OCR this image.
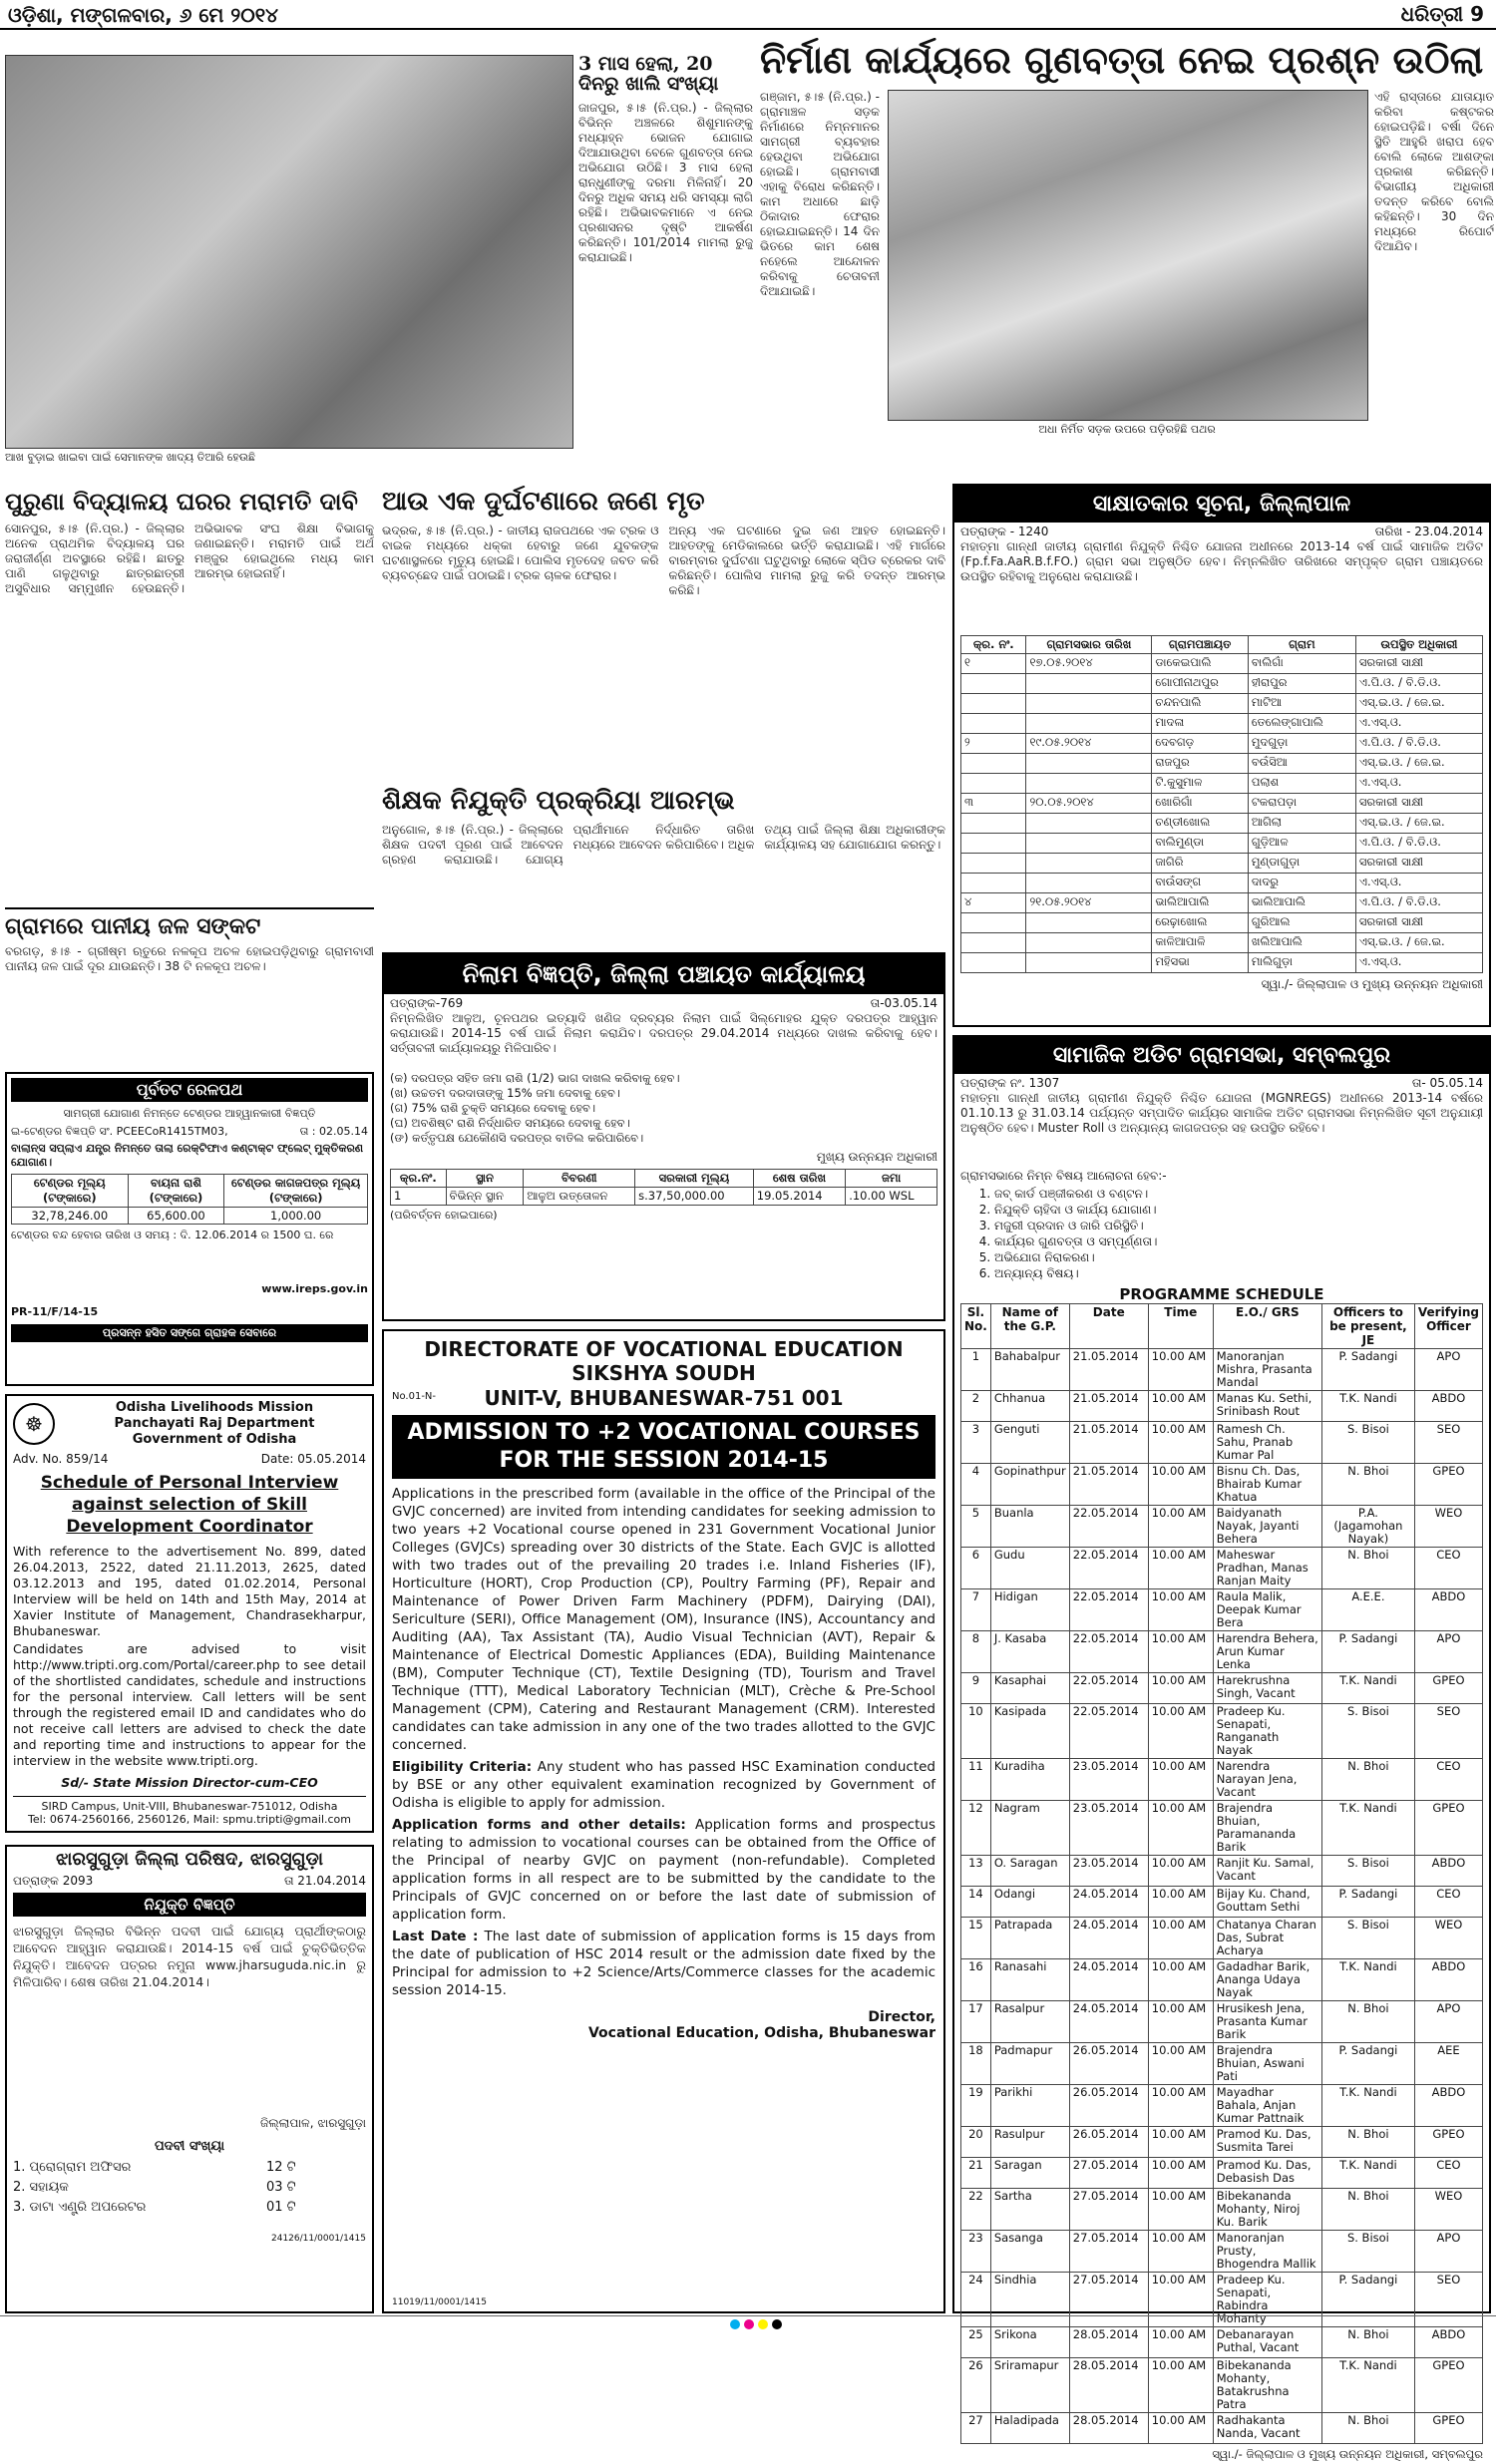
ଓଡ଼ିଶା, ମଙ୍ଗଳବାର, ୬ ମେ ୨୦୧୪	ଧରିତ୍ରୀ 9
ଆଖ ବୁଡ଼ାଇ ଖାଇବା ପାଇଁ ସେମାନଙ୍କ ଖାଦ୍ୟ ତିଆରି ହେଉଛି
3 ମାସ ହେଲା, 20 ଦିନରୁ ଖାଲି ସଂଖ୍ୟା
ଜାଜପୁର, ୫।୫ (ନି.ପ୍ର.) - ଜିଲ୍ଲାର ବିଭିନ୍ନ ଅଞ୍ଚଳରେ ଶିଶୁମାନଙ୍କୁ ମଧ୍ୟାହ୍ନ ଭୋଜନ ଯୋଗାଇ ଦିଆଯାଉଥିବା ବେଳେ ଗୁଣବତ୍ତା ନେଇ ଅଭିଯୋଗ ଉଠିଛି। 3 ମାସ ହେଲା ରାନ୍ଧୁଣୀଙ୍କୁ ଦରମା ମିଳିନାହିଁ। 20 ଦିନରୁ ଅଧିକ ସମୟ ଧରି ସମସ୍ୟା ଲାଗି ରହିଛି। ଅଭିଭାବକମାନେ ଏ ନେଇ ପ୍ରଶାସନର ଦୃଷ୍ଟି ଆକର୍ଷଣ କରିଛନ୍ତି। 101/2014 ମାମଲା ରୁଜୁ କରାଯାଇଛି।
ନିର୍ମାଣ କାର୍ଯ୍ୟରେ ଗୁଣବତ୍ତା ନେଇ ପ୍ରଶ୍ନ ଉଠିଲା
ଗଞ୍ଜାମ, ୫।୫ (ନି.ପ୍ର.) - ଗ୍ରାମାଞ୍ଚଳ ସଡ଼କ ନିର୍ମାଣରେ ନିମ୍ନମାନର ସାମଗ୍ରୀ ବ୍ୟବହାର ହେଉଥିବା ଅଭିଯୋଗ ହୋଇଛି। ଗ୍ରାମବାସୀ ଏହାକୁ ବିରୋଧ କରିଛନ୍ତି। କାମ ଅଧାରେ ଛାଡ଼ି ଠିକାଦାର ଫେରାର ହୋଇଯାଇଛନ୍ତି। 14 ଦିନ ଭିତରେ କାମ ଶେଷ ନହେଲେ ଆନ୍ଦୋଳନ କରିବାକୁ ଚେତାବନୀ ଦିଆଯାଇଛି।
ଅଧା ନିର୍ମିତ ସଡ଼କ ଉପରେ ପଡ଼ିରହିଛି ପଥର
ଏହି ରାସ୍ତାରେ ଯାତାୟାତ କରିବା କଷ୍ଟକର ହୋଇପଡ଼ିଛି। ବର୍ଷା ଦିନେ ସ୍ଥିତି ଆହୁରି ଖରାପ ହେବ ବୋଲି ଲୋକେ ଆଶଙ୍କା ପ୍ରକାଶ କରିଛନ୍ତି। ବିଭାଗୀୟ ଅଧିକାରୀ ତଦନ୍ତ କରିବେ ବୋଲି କହିଛନ୍ତି। 30 ଦିନ ମଧ୍ୟରେ ରିପୋର୍ଟ ଦିଆଯିବ।
ପୁରୁଣା ବିଦ୍ୟାଳୟ ଘରର ମରାମତି ଦାବି
ସୋନପୁର, ୫।୫ (ନି.ପ୍ର.) - ଜିଲ୍ଲାର ଅନେକ ପ୍ରାଥମିକ ବିଦ୍ୟାଳୟ ଘର ଜରାଜୀର୍ଣ୍ଣ ଅବସ୍ଥାରେ ରହିଛି। ଛାତରୁ ପାଣି ଗଳୁଥିବାରୁ ଛାତ୍ରଛାତ୍ରୀ ଅସୁବିଧାର ସମ୍ମୁଖୀନ ହେଉଛନ୍ତି। ଅଭିଭାବକ ସଂଘ ଶିକ୍ଷା ବିଭାଗକୁ ଜଣାଇଛନ୍ତି। ମରାମତି ପାଇଁ ଅର୍ଥ ମଞ୍ଜୁର ହୋଇଥିଲେ ମଧ୍ୟ କାମ ଆରମ୍ଭ ହୋଇନାହିଁ।
ଗ୍ରାମରେ ପାନୀୟ ଜଳ ସଙ୍କଟ
ବରଗଡ଼, ୫।୫ - ଗ୍ରୀଷ୍ମ ଋତୁରେ ନଳକୂପ ଅଚଳ ହୋଇପଡ଼ିଥିବାରୁ ଗ୍ରାମବାସୀ ପାନୀୟ ଜଳ ପାଇଁ ଦୂର ଯାଉଛନ୍ତି। 38 ଟି ନଳକୂପ ଅଚଳ।
ଆଉ ଏକ ଦୁର୍ଘଟଣାରେ ଜଣେ ମୃତ
ଭଦ୍ରକ, ୫।୫ (ନି.ପ୍ର.) - ଜାତୀୟ ରାଜପଥରେ ଏକ ଟ୍ରକ ଓ ବାଇକ ମଧ୍ୟରେ ଧକ୍କା ହେବାରୁ ଜଣେ ଯୁବକଙ୍କ ଘଟଣାସ୍ଥଳରେ ମୃତ୍ୟୁ ହୋଇଛି। ପୋଲିସ ମୃତଦେହ ଜବତ କରି ବ୍ୟବଚ୍ଛେଦ ପାଇଁ ପଠାଇଛି। ଟ୍ରକ ଚାଳକ ଫେରାର।
ଅନ୍ୟ ଏକ ଘଟଣାରେ ଦୁଇ ଜଣ ଆହତ ହୋଇଛନ୍ତି। ଆହତଙ୍କୁ ମେଡିକାଲରେ ଭର୍ତ୍ତି କରାଯାଇଛି। ଏହି ମାର୍ଗରେ ବାରମ୍ବାର ଦୁର୍ଘଟଣା ଘଟୁଥିବାରୁ ଲୋକେ ସ୍ପିଡ ବ୍ରେକର ଦାବି କରିଛନ୍ତି। ପୋଲିସ ମାମଲା ରୁଜୁ କରି ତଦନ୍ତ ଆରମ୍ଭ କରିଛି।
ଶିକ୍ଷକ ନିଯୁକ୍ତି ପ୍ରକ୍ରିୟା ଆରମ୍ଭ
ଅନୁଗୋଳ, ୫।୫ (ନି.ପ୍ର.) - ଜିଲ୍ଲାରେ ଶିକ୍ଷକ ପଦବୀ ପୂରଣ ପାଇଁ ଆବେଦନ ଗ୍ରହଣ କରାଯାଉଛି। ଯୋଗ୍ୟ ପ୍ରାର୍ଥୀମାନେ ନିର୍ଦ୍ଧାରିତ ତାରିଖ ମଧ୍ୟରେ ଆବେଦନ କରିପାରିବେ। ଅଧିକ ତଥ୍ୟ ପାଇଁ ଜିଲ୍ଲା ଶିକ୍ଷା ଅଧିକାରୀଙ୍କ କାର୍ଯ୍ୟାଳୟ ସହ ଯୋଗାଯୋଗ କରନ୍ତୁ।
ପୂର୍ବତଟ ରେଳପଥ
ସାମଗ୍ରୀ ଯୋଗାଣ ନିମନ୍ତେ ଟେଣ୍ଡର ଆହ୍ୱାନକାରୀ ବିଜ୍ଞପ୍ତି
ଇ-ଟେଣ୍ଡର ବିଜ୍ଞପ୍ତି ସଂ. PCEECoR1415TM03,	ତା : 02.05.14
ବାଲାନ୍ସ ସପ୍ଲାଏ ଯନ୍ତ୍ର ନିମନ୍ତେ ତାଲା ରେକ୍ଟିଫାଏ କଣ୍ଟାକ୍ଟ ଫ୍ଲେଟ୍ ମୁକ୍ତିକରଣ ଯୋଗାଣ।
ଟେଣ୍ଡର ମୂଲ୍ୟ (ଟଙ୍କାରେ)	ବାୟନା ରାଶି (ଟଙ୍କାରେ)	ଟେଣ୍ଡର କାଗଜପତ୍ର ମୂଲ୍ୟ (ଟଙ୍କାରେ)
32,78,246.00	65,600.00	1,000.00
ଟେଣ୍ଡର ବନ୍ଦ ହେବାର ତାରିଖ ଓ ସମୟ : ଦି. 12.06.2014 ର 1500 ଘ. ରେ
www.ireps.gov.in
PR-11/F/14-15
ପ୍ରସନ୍ନ ହସିତ ସଙ୍ଗେ ଗ୍ରାହକ ସେବାରେ
☸
Odisha Livelihoods Mission
Panchayati Raj Department
Government of Odisha
Adv. No. 859/14	Date: 05.05.2014
Schedule of Personal Interview against selection of Skill Development Coordinator
With reference to the advertisement No. 899, dated 26.04.2013, 2522, dated 21.11.2013, 2625, dated 03.12.2013 and 195, dated 01.02.2014, Personal Interview will be held on 14th and 15th May, 2014 at Xavier Institute of Management, Chandrasekharpur, Bhubaneswar.
Candidates are advised to visit http://www.tripti.org.com/Portal/career.php to see detail of the shortlisted candidates, schedule and instructions for the personal interview. Call letters will be sent through the registered email ID and candidates who do not receive call letters are advised to check the date and reporting time and instructions to appear for the interview in the website www.tripti.org.
Sd/- State Mission Director-cum-CEO
SIRD Campus, Unit-VIII, Bhubaneswar-751012, Odisha
Tel: 0674-2560166, 2560126, Mail: spmu.tripti@gmail.com
ଝାରସୁଗୁଡ଼ା ଜିଲ୍ଲା ପରିଷଦ, ଝାରସୁଗୁଡ଼ା
ପତ୍ରାଙ୍କ 2093	ତା 21.04.2014
ନିଯୁକ୍ତି ବିଜ୍ଞପ୍ତି
ଝାରସୁଗୁଡ଼ା ଜିଲ୍ଲାର ବିଭିନ୍ନ ପଦବୀ ପାଇଁ ଯୋଗ୍ୟ ପ୍ରାର୍ଥୀଙ୍କଠାରୁ ଆବେଦନ ଆହ୍ୱାନ କରାଯାଉଛି। 2014-15 ବର୍ଷ ପାଇଁ ଚୁକ୍ତିଭିତ୍ତିକ ନିଯୁକ୍ତି। ଆବେଦନ ପତ୍ରର ନମୁନା www.jharsuguda.nic.in ରୁ ମିଳିପାରିବ। ଶେଷ ତାରିଖ 21.04.2014।
ଜିଲ୍ଲାପାଳ, ଝାରସୁଗୁଡ଼ା
ପଦବୀ ସଂଖ୍ୟା
1. ପ୍ରୋଗ୍ରାମ ଅଫିସର	12 ଟି
2. ସହାୟକ	03 ଟି
3. ଡାଟା ଏଣ୍ଟ୍ରି ଅପରେଟର	01 ଟି
24126/11/0001/1415
ନିଲାମ ବିଜ୍ଞପ୍ତି, ଜିଲ୍ଲା ପଞ୍ଚାୟତ କାର୍ଯ୍ୟାଳୟ
ପତ୍ରାଙ୍କ-769	ତା-03.05.14
ନିମ୍ନଲିଖିତ ଆଳୁଅ, ଚୂନପଥର ଇତ୍ୟାଦି ଖଣିଜ ଦ୍ରବ୍ୟର ନିଲାମ ପାଇଁ ସିଲ୍‌ମୋହର ଯୁକ୍ତ ଦରପତ୍ର ଆହ୍ୱାନ କରାଯାଉଛି। 2014-15 ବର୍ଷ ପାଇଁ ନିଲାମ କରାଯିବ। ଦରପତ୍ର 29.04.2014 ମଧ୍ୟରେ ଦାଖଲ କରିବାକୁ ହେବ। ସର୍ତ୍ତାବଳୀ କାର୍ଯ୍ୟାଳୟରୁ ମିଳିପାରିବ।
(କ) ଦରପତ୍ର ସହିତ ଜମା ରାଶି (1/2) ଭାଗ ଦାଖଲ କରିବାକୁ ହେବ।
(ଖ) ଉଚ୍ଚତମ ଦରଦାତାଙ୍କୁ 15% ଜମା ଦେବାକୁ ହେବ।
(ଗ) 75% ରାଶି ଚୁକ୍ତି ସମୟରେ ଦେବାକୁ ହେବ।
(ଘ) ଅବଶିଷ୍ଟ ରାଶି ନିର୍ଦ୍ଧାରିତ ସମୟରେ ଦେବାକୁ ହେବ।
(ଙ) କର୍ତ୍ତୃପକ୍ଷ ଯେକୌଣସି ଦରପତ୍ର ବାତିଲ କରିପାରିବେ।
ମୁଖ୍ୟ ଉନ୍ନୟନ ଅଧିକାରୀ
କ୍ର.ନଂ.	ସ୍ଥାନ	ବିବରଣୀ	ସରକାରୀ ମୂଲ୍ୟ	ଶେଷ ତାରିଖ	ଜମା
1	ବିଭିନ୍ନ ସ୍ଥାନ	ଆଳୁଅ ଉତ୍ତୋଳନ	s.37,50,000.00	19.05.2014	.10.00 WSL
(ପରିବର୍ତ୍ତନ ହୋଇପାରେ)
DIRECTORATE OF VOCATIONAL EDUCATION
SIKSHYA SOUDH
No.01-N-	UNIT-V, BHUBANESWAR-751 001
ADMISSION TO +2 VOCATIONAL COURSES FOR THE SESSION 2014-15
Applications in the prescribed form (available in the office of the Principal of the GVJC concerned) are invited from intending candidates for seeking admission to two years +2 Vocational course opened in 231 Government Vocational Junior Colleges (GVJCs) spreading over 30 districts of the State. Each GVJC is allotted with two trades out of the prevailing 20 trades i.e. Inland Fisheries (IF), Horticulture (HORT), Crop Production (CP), Poultry Farming (PF), Repair and Maintenance of Power Driven Farm Machinery (PDFM), Dairying (DAI), Sericulture (SERI), Office Management (OM), Insurance (INS), Accountancy and Auditing (AA), Tax Assistant (TA), Audio Visual Technician (AVT), Repair & Maintenance of Electrical Domestic Appliances (EDA), Building Maintenance (BM), Computer Technique (CT), Textile Designing (TD), Tourism and Travel Technique (TTT), Medical Laboratory Technician (MLT), Crèche & Pre-School Management (CPM), Catering and Restaurant Management (CRM). Interested candidates can take admission in any one of the two trades allotted to the GVJC concerned.
Eligibility Criteria: Any student who has passed HSC Examination conducted by BSE or any other equivalent examination recognized by Government of Odisha is eligible to apply for admission.
Application forms and other details: Application forms and prospectus relating to admission to vocational courses can be obtained from the Office of the Principal of nearby GVJC on payment (non-refundable). Completed application forms in all respect are to be submitted by the candidate to the Principals of GVJC concerned on or before the last date of submission of application form.
Last Date : The last date of submission of application forms is 15 days from the date of publication of HSC 2014 result or the admission date fixed by the Principal for admission to +2 Science/Arts/Commerce classes for the academic session 2014-15.
Director,
Vocational Education, Odisha, Bhubaneswar
11019/11/0001/1415
ସାକ୍ଷାତକାର ସୂଚନା, ଜିଲ୍ଲାପାଳ
ପତ୍ରାଙ୍କ - 1240	ତାରିଖ - 23.04.2014
ମହାତ୍ମା ଗାନ୍ଧୀ ଜାତୀୟ ଗ୍ରାମୀଣ ନିଯୁକ୍ତି ନିଶ୍ଚିତ ଯୋଜନା ଅଧୀନରେ 2013-14 ବର୍ଷ ପାଇଁ ସାମାଜିକ ଅଡିଟ (Fp.f.Fa.AaR.B.f.FO.) ଗ୍ରାମ ସଭା ଅନୁଷ୍ଠିତ ହେବ। ନିମ୍ନଲିଖିତ ତାରିଖରେ ସମ୍ପୃକ୍ତ ଗ୍ରାମ ପଞ୍ଚାୟତରେ ଉପସ୍ଥିତ ରହିବାକୁ ଅନୁରୋଧ କରାଯାଉଛି।
କ୍ର. ନଂ.	ଗ୍ରାମସଭାର ତାରିଖ	ଗ୍ରାମପଞ୍ଚାୟତ	ଗ୍ରାମ	ଉପସ୍ଥିତ ଅଧିକାରୀ
୧	୧୭.୦୫.୨୦୧୪	ଡାକେଇପାଲି	ବାଲିଗାଁ	ସରକାରୀ ସାକ୍ଷୀ
		ଗୋପୀନାଥପୁର	ହୀରାପୁର	ଏ.ପି.ଓ. / ବି.ଡି.ଓ.
		ଚନ୍ଦନପାଲି	ମାଟିଆ	ଏସ୍.ଇ.ଓ. / ଜେ.ଇ.
		ମାଦଳା	ତେଲେଙ୍ଗାପାଲି	ଏ.ଏସ୍.ଓ.
୨	୧୯.୦୫.୨୦୧୪	ଦେବଗଡ଼	ମୁଦଗୁଡ଼ା	ଏ.ପି.ଓ. / ବି.ଡି.ଓ.
		ରାଜପୁର	ବଉଁସିଆ	ଏସ୍.ଇ.ଓ. / ଜେ.ଇ.
		ଟି.କୁସୁମାଳ	ପଲାଶ	ଏ.ଏସ୍.ଓ.
୩	୨୦.୦୫.୨୦୧୪	ଖୋରିଗାଁ	ଟକରାପଡ଼ା	ସରକାରୀ ସାକ୍ଷୀ
		ଚଣ୍ଡୀଖୋଲ	ଆଗିଲା	ଏସ୍.ଇ.ଓ. / ଜେ.ଇ.
		ବାଲିମୁଣ୍ଡା	ଗୁଡ଼ିଆଳ	ଏ.ପି.ଓ. / ବି.ଡି.ଓ.
		ଜାଗିରି	ମୁଣ୍ଡାଗୁଡ଼ା	ସରକାରୀ ସାକ୍ଷୀ
		ବାଉଁସଙ୍ଗ	ଦାଦରୁ	ଏ.ଏସ୍.ଓ.
୪	୨୧.୦୫.୨୦୧୪	ଭାଲିଆପାଲି	ଭାଲିଆପାଲି	ଏ.ପି.ଓ. / ବି.ଡି.ଓ.
		ରେଢ଼ାଖୋଲ	ଗୁରିଆଲ	ସରକାରୀ ସାକ୍ଷୀ
		କାଳିଆପାଳି	ଖଲିଆପାଲି	ଏସ୍.ଇ.ଓ. / ଜେ.ଇ.
		ମହିସଭା	ମାଲିଗୁଡ଼ା	ଏ.ଏସ୍.ଓ.
ସ୍ୱା./- ଜିଲ୍ଲାପାଳ ଓ ମୁଖ୍ୟ ଉନ୍ନୟନ ଅଧିକାରୀ
ସାମାଜିକ ଅଡିଟ ଗ୍ରାମସଭା, ସମ୍ବଲପୁର
ପତ୍ରାଙ୍କ ନଂ. 1307	ତା- 05.05.14
ମହାତ୍ମା ଗାନ୍ଧୀ ଜାତୀୟ ଗ୍ରାମୀଣ ନିଯୁକ୍ତି ନିଶ୍ଚିତ ଯୋଜନା (MGNREGS) ଅଧୀନରେ 2013-14 ବର୍ଷରେ 01.10.13 ରୁ 31.03.14 ପର୍ଯ୍ୟନ୍ତ ସମ୍ପାଦିତ କାର୍ଯ୍ୟର ସାମାଜିକ ଅଡିଟ ଗ୍ରାମସଭା ନିମ୍ନଲିଖିତ ସୂଚୀ ଅନୁଯାୟୀ ଅନୁଷ୍ଠିତ ହେବ। Muster Roll ଓ ଅନ୍ୟାନ୍ୟ କାଗଜପତ୍ର ସହ ଉପସ୍ଥିତ ରହିବେ।
ଗ୍ରାମସଭାରେ ନିମ୍ନ ବିଷୟ ଆଲୋଚନା ହେବ:-
1. ଜବ୍ କାର୍ଡ ପଞ୍ଜୀକରଣ ଓ ବଣ୍ଟନ।
2. ନିଯୁକ୍ତି ଚାହିଦା ଓ କାର୍ଯ୍ୟ ଯୋଗାଣ।
3. ମଜୁରୀ ପ୍ରଦାନ ଓ ଜାରି ପରିସ୍ଥିତି।
4. କାର୍ଯ୍ୟର ଗୁଣବତ୍ତା ଓ ସମ୍ପୂର୍ଣ୍ଣତା।
5. ଅଭିଯୋଗ ନିରାକରଣ।
6. ଅନ୍ୟାନ୍ୟ ବିଷୟ।
PROGRAMME SCHEDULE
Sl. No.	Name of the G.P.	Date	Time	E.O./ GRS	Officers to be present, JE	Verifying Officer
1	Bahabalpur	21.05.2014	10.00 AM	Manoranjan Mishra, Prasanta Mandal	P. Sadangi	APO
2	Chhanua	21.05.2014	10.00 AM	Manas Ku. Sethi, Srinibash Rout	T.K. Nandi	ABDO
3	Genguti	21.05.2014	10.00 AM	Ramesh Ch. Sahu, Pranab Kumar Pal	S. Bisoi	SEO
4	Gopinathpur	21.05.2014	10.00 AM	Bisnu Ch. Das, Bhairab Kumar Khatua	N. Bhoi	GPEO
5	Buanla	22.05.2014	10.00 AM	Baidyanath Nayak, Jayanti Behera	P.A. (Jagamohan Nayak)	WEO
6	Gudu	22.05.2014	10.00 AM	Maheswar Pradhan, Manas Ranjan Maity	N. Bhoi	CEO
7	Hidigan	22.05.2014	10.00 AM	Raula Malik, Deepak Kumar Bera	A.E.E.	ABDO
8	J. Kasaba	22.05.2014	10.00 AM	Harendra Behera, Arun Kumar Lenka	P. Sadangi	APO
9	Kasaphai	22.05.2014	10.00 AM	Harekrushna Singh, Vacant	T.K. Nandi	GPEO
10	Kasipada	22.05.2014	10.00 AM	Pradeep Ku. Senapati, Ranganath Nayak	S. Bisoi	SEO
11	Kuradiha	23.05.2014	10.00 AM	Narendra Narayan Jena, Vacant	N. Bhoi	CEO
12	Nagram	23.05.2014	10.00 AM	Brajendra Bhuian, Paramananda Barik	T.K. Nandi	GPEO
13	O. Saragan	23.05.2014	10.00 AM	Ranjit Ku. Samal, Vacant	S. Bisoi	ABDO
14	Odangi	24.05.2014	10.00 AM	Bijay Ku. Chand, Gouttam Sethi	P. Sadangi	CEO
15	Patrapada	24.05.2014	10.00 AM	Chatanya Charan Das, Subrat Acharya	S. Bisoi	WEO
16	Ranasahi	24.05.2014	10.00 AM	Gadadhar Barik, Ananga Udaya Nayak	T.K. Nandi	ABDO
17	Rasalpur	24.05.2014	10.00 AM	Hrusikesh Jena, Prasanta Kumar Barik	N. Bhoi	APO
18	Padmapur	26.05.2014	10.00 AM	Brajendra Bhuian, Aswani Pati	P. Sadangi	AEE
19	Parikhi	26.05.2014	10.00 AM	Mayadhar Bahala, Anjan Kumar Pattnaik	T.K. Nandi	ABDO
20	Rasulpur	26.05.2014	10.00 AM	Pramod Ku. Das, Susmita Tarei	N. Bhoi	GPEO
21	Saragan	27.05.2014	10.00 AM	Pramod Ku. Das, Debasish Das	T.K. Nandi	CEO
22	Sartha	27.05.2014	10.00 AM	Bibekananda Mohanty, Niroj Ku. Barik	N. Bhoi	WEO
23	Sasanga	27.05.2014	10.00 AM	Manoranjan Prusty, Bhogendra Mallik	S. Bisoi	APO
24	Sindhia	27.05.2014	10.00 AM	Pradeep Ku. Senapati, Rabindra Mohanty	P. Sadangi	SEO
25	Srikona	28.05.2014	10.00 AM	Debanarayan Puthal, Vacant	N. Bhoi	ABDO
26	Sriramapur	28.05.2014	10.00 AM	Bibekananda Mohanty, Batakrushna Patra	T.K. Nandi	GPEO
27	Haladipada	28.05.2014	10.00 AM	Radhakanta Nanda, Vacant	N. Bhoi	GPEO
ସ୍ୱା./- ଜିଲ୍ଲାପାଳ ଓ ମୁଖ୍ୟ ଉନ୍ନୟନ ଅଧିକାରୀ, ସମ୍ବଲପୁର
